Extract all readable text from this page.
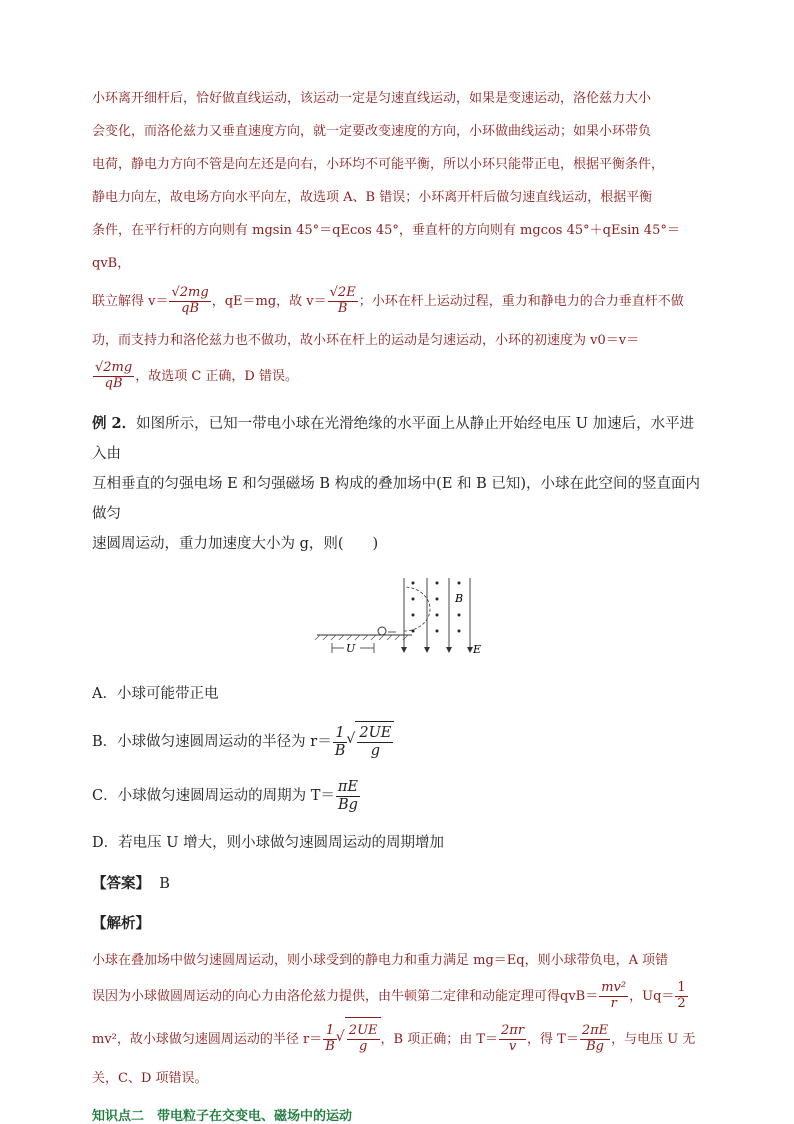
小环离开细杆后，恰好做直线运动，该运动一定是匀速直线运动，如果是变速运动，洛伦兹力大小

会变化，而洛伦兹力又垂直速度方向，就一定要改变速度的方向，小环做曲线运动；如果小环带负

电荷，静电力方向不管是向左还是向右，小环均不可能平衡，所以小环只能带正电，根据平衡条件，

静电力向左，故电场方向水平向左，故选项 A、B 错误；小环离开杆后做匀速直线运动，根据平衡

条件，在平行杆的方向则有 mgsin 45°＝qEcos 45°，垂直杆的方向则有 mgcos 45°＋qEsin 45°＝qvB，

联立解得 $v= \frac{√2mg}{qB}$ ，qE＝mg，故 $v= \frac{√2E}{B}$ ；小环在杆上运动过程，重力和静电力的合力垂直杆不做

功，而支持力和洛伦兹力也不做功，故小环在杆上的运动是匀速运动，小环的初速度为 v0＝v＝

$\frac{√2mg}{qB}$ ，故选项 C 正确，D 错误。

例 2．如图所示，已知一带电小球在光滑绝缘的水平面上从静止开始经电压 U 加速后，水平进入由

互相垂直的匀强电场 E 和匀强磁场 B 构成的叠加场中(E 和 B 已知)，小球在此空间的竖直面内做匀

速圆周运动，重力加速度大小为 g，则(　　)

U
B
E

A．小球可能带正电

B．小球做匀速圆周运动的半径为 $r= \frac{1}{B}$ √ $\frac{2UE}{g}$

C．小球做匀速圆周运动的周期为 $T= \frac{\pi E}{Bg}$

D．若电压 U 增大，则小球做匀速圆周运动的周期增加

【答案】 B
【解析】

小球在叠加场中做匀速圆周运动，则小球受到的静电力和重力满足 mg＝Eq，则小球带负电，A 项错

误因为小球做圆周运动的向心力由洛伦兹力提供，由牛顿第二定律和动能定理可得$qvB= \frac{\text{mv²}}{r}$ ，$Uq= \frac{1}{2}$

mv²，故小球做匀速圆周运动的半径 $r= \frac{1}{B}$ √ $\frac{2UE}{g}$ ，B 项正确；由 $T= \frac{2\pi r}{v}$ ，得 $T= \frac{2\pi E}{Bg}$ ，与电压 U 无

关，C、D 项错误。

知识点二　带电粒子在交变电、磁场中的运动
